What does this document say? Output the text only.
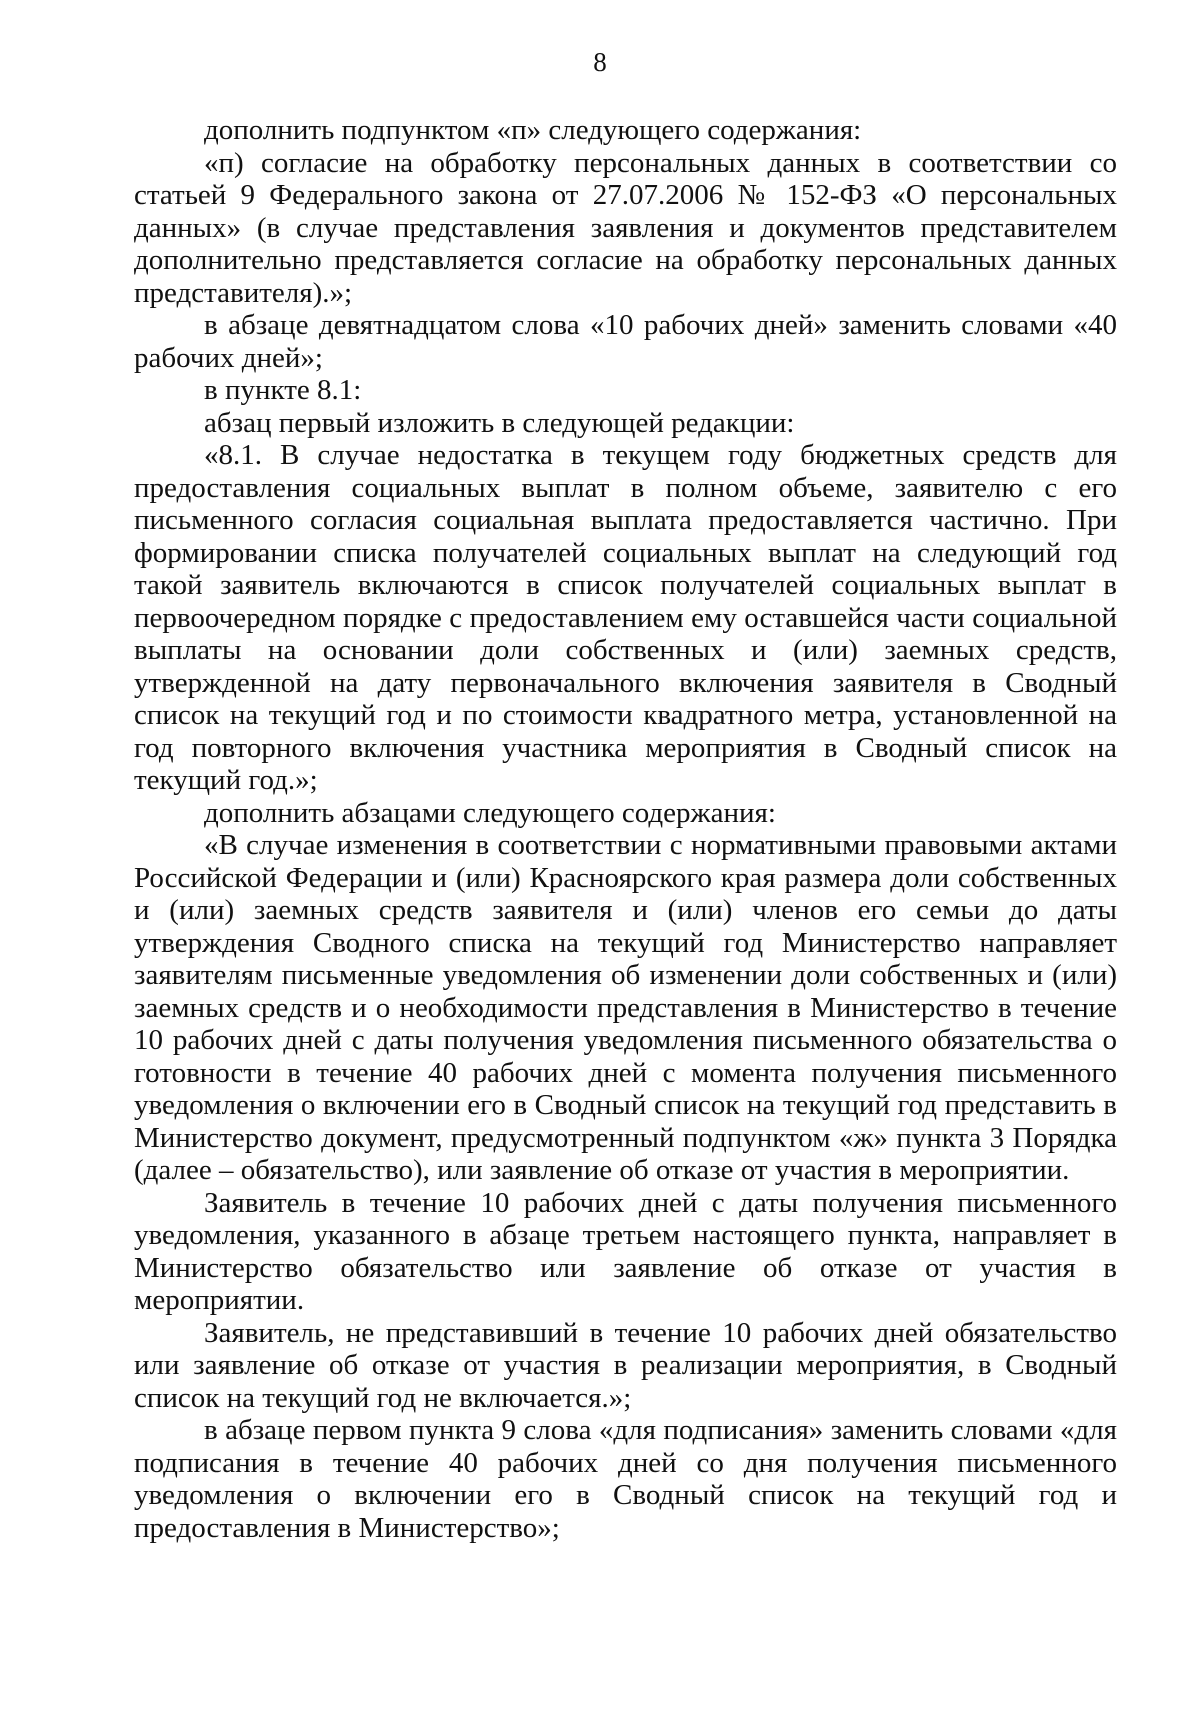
8

дополнить подпунктом «п» следующего содержания:

«п) согласие на обработку персональных данных в соответствии со статьей 9 Федерального закона от 27.07.2006 № 152-ФЗ «О персональных данных» (в случае представления заявления и документов представителем дополнительно представляется согласие на обработку персональных данных представителя).»;

в абзаце девятнадцатом слова «10 рабочих дней» заменить словами «40 рабочих дней»;

в пункте 8.1:

абзац первый изложить в следующей редакции:

«8.1. В случае недостатка в текущем году бюджетных средств для предоставления социальных выплат в полном объеме, заявителю с его письменного согласия социальная выплата предоставляется частично. При формировании списка получателей социальных выплат на следующий год такой заявитель включаются в список получателей социальных выплат в первоочередном порядке с предоставлением ему оставшейся части социальной выплаты на основании доли собственных и (или) заемных средств, утвержденной на дату первоначального включения заявителя в Сводный список на текущий год и по стоимости квадратного метра, установленной на год повторного включения участника мероприятия в Сводный список на текущий год.»;

дополнить абзацами следующего содержания:

«В случае изменения в соответствии с нормативными правовыми актами Российской Федерации и (или) Красноярского края размера доли собственных и (или) заемных средств заявителя и (или) членов его семьи до даты утверждения Сводного списка на текущий год Министерство направляет заявителям письменные уведомления об изменении доли собственных и (или) заемных средств и о необходимости представления в Министерство в течение 10 рабочих дней с даты получения уведомления письменного обязательства о готовности в течение 40 рабочих дней с момента получения письменного уведомления о включении его в Сводный список на текущий год представить в Министерство документ, предусмотренный подпунктом «ж» пункта 3 Порядка (далее – обязательство), или заявление об отказе от участия в мероприятии.

Заявитель в течение 10 рабочих дней с даты получения письменного уведомления, указанного в абзаце третьем настоящего пункта, направляет в Министерство обязательство или заявление об отказе от участия в мероприятии.

Заявитель, не представивший в течение 10 рабочих дней обязательство или заявление об отказе от участия в реализации мероприятия, в Сводный список на текущий год не включается.»;

в абзаце первом пункта 9 слова «для подписания» заменить словами «для подписания в течение 40 рабочих дней со дня получения письменного уведомления о включении его в Сводный список на текущий год и предоставления в Министерство»;
